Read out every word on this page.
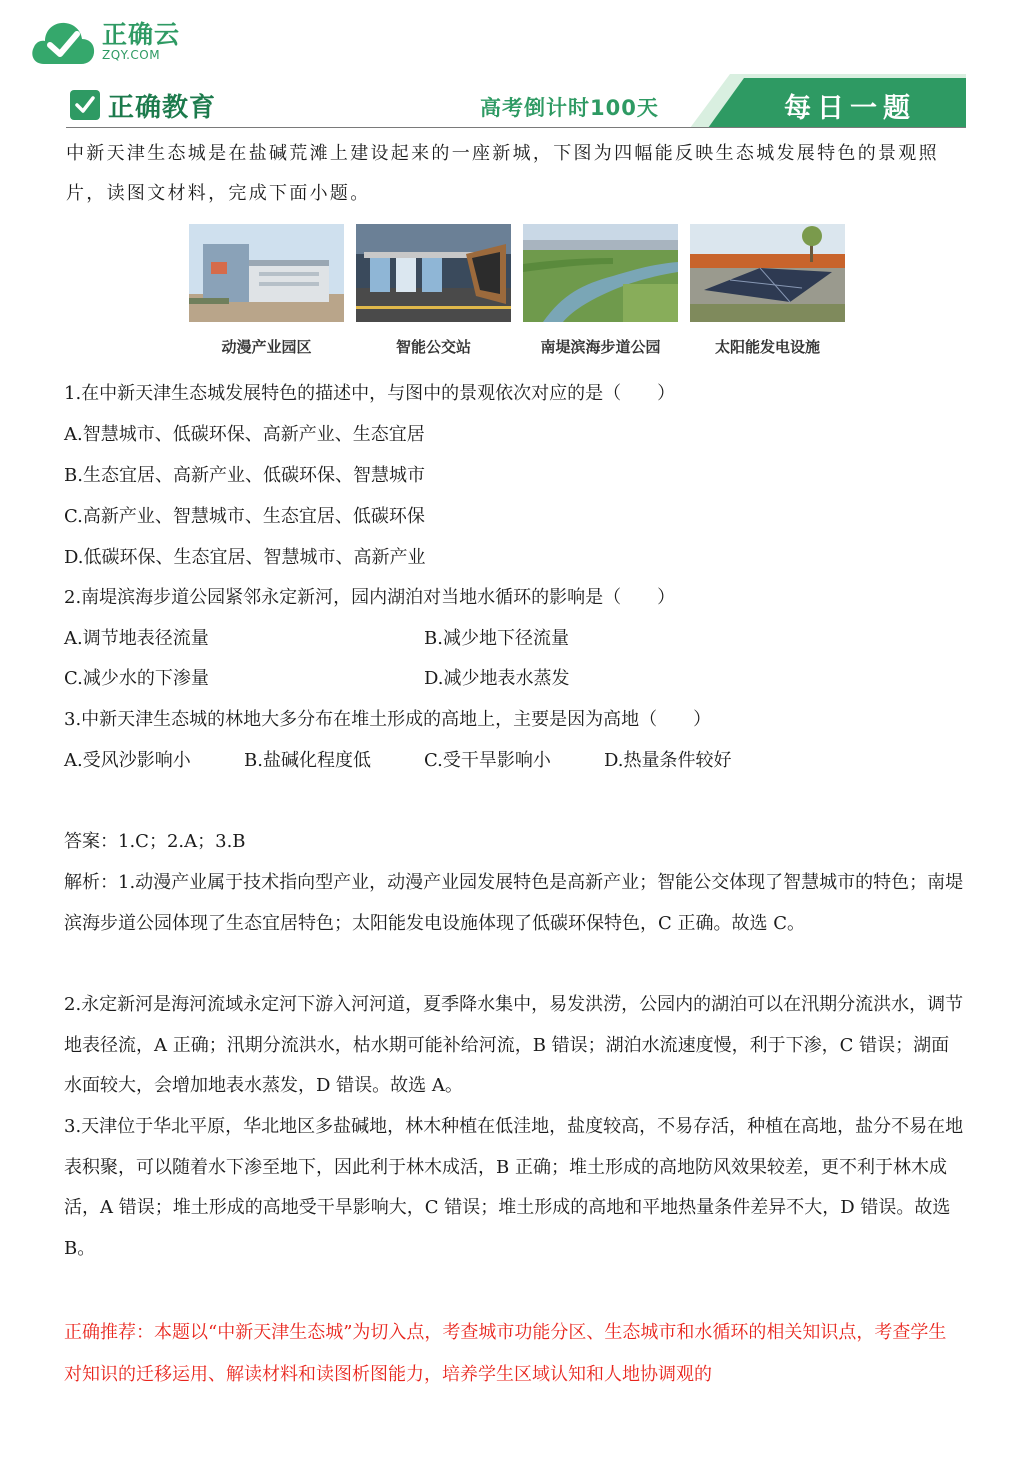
正确云
ZQY.COM
正确教育	高考倒计时100天	每日一题
中新天津生态城是在盐碱荒滩上建设起来的一座新城，下图为四幅能反映生态城发展特色的景观照片，读图文材料，完成下面小题。
动漫产业园区	智能公交站	南堤滨海步道公园	太阳能发电设施
1.在中新天津生态城发展特色的描述中，与图中的景观依次对应的是（　　）
A.智慧城市、低碳环保、高新产业、生态宜居
B.生态宜居、高新产业、低碳环保、智慧城市
C.高新产业、智慧城市、生态宜居、低碳环保
D.低碳环保、生态宜居、智慧城市、高新产业
2.南堤滨海步道公园紧邻永定新河，园内湖泊对当地水循环的影响是（　　）
A.调节地表径流量	B.减少地下径流量
C.减少水的下渗量	D.减少地表水蒸发
3.中新天津生态城的林地大多分布在堆土形成的高地上，主要是因为高地（　　）
A.受风沙影响小	B.盐碱化程度低	C.受干旱影响小	D.热量条件较好
答案：1.C；2.A；3.B
解析：1.动漫产业属于技术指向型产业，动漫产业园发展特色是高新产业；智能公交体现了智慧城市的特色；南堤滨海步道公园体现了生态宜居特色；太阳能发电设施体现了低碳环保特色，C 正确。故选 C。
2.永定新河是海河流域永定河下游入河河道，夏季降水集中，易发洪涝，公园内的湖泊可以在汛期分流洪水，调节地表径流，A 正确；汛期分流洪水，枯水期可能补给河流，B 错误；湖泊水流速度慢，利于下渗，C 错误；湖面水面较大，会增加地表水蒸发，D 错误。故选 A。
3.天津位于华北平原，华北地区多盐碱地，林木种植在低洼地，盐度较高，不易存活，种植在高地，盐分不易在地表积聚，可以随着水下渗至地下，因此利于林木成活，B 正确；堆土形成的高地防风效果较差，更不利于林木成活，A 错误；堆土形成的高地受干旱影响大，C 错误；堆土形成的高地和平地热量条件差异不大，D 错误。故选 B。
正确推荐：本题以“中新天津生态城”为切入点，考查城市功能分区、生态城市和水循环的相关知识点，考查学生对知识的迁移运用、解读材料和读图析图能力，培养学生区域认知和人地协调观的
